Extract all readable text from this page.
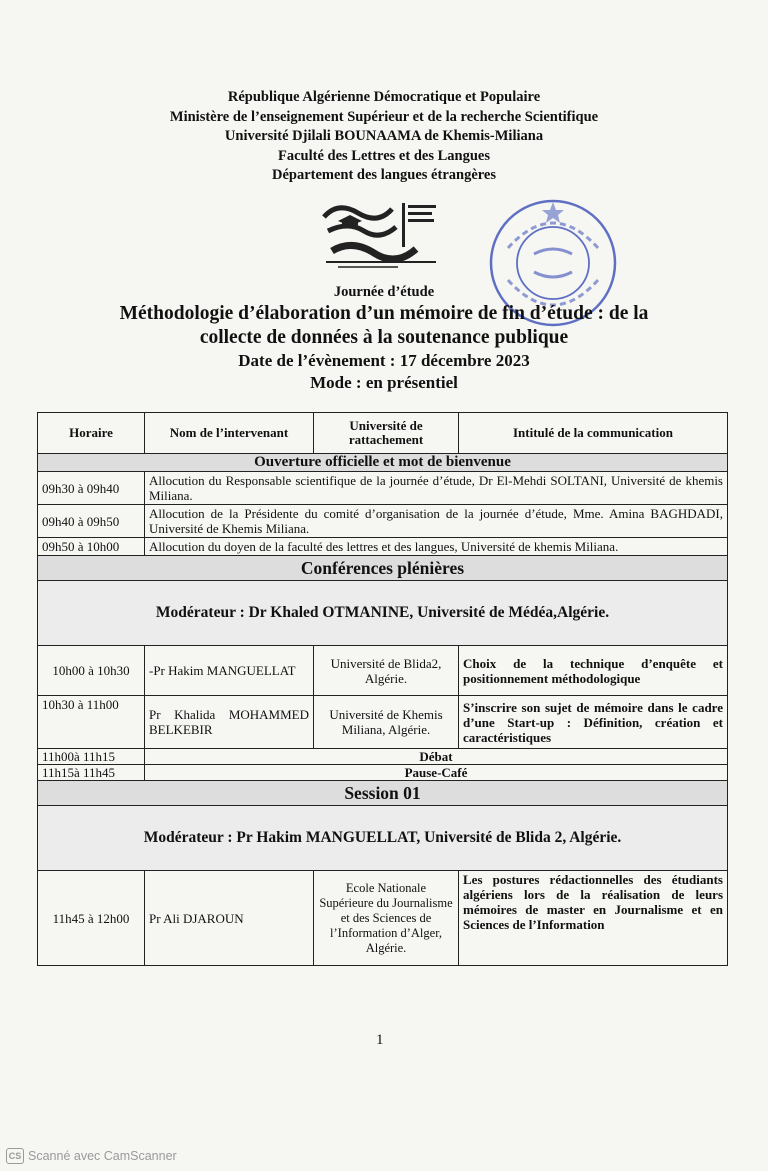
République Algérienne Démocratique et Populaire
Ministère de l’enseignement Supérieur et de la recherche Scientifique
Université Djilali BOUNAAMA de Khemis-Miliana
Faculté des Lettres et des Langues
Département des langues étrangères
Journée d’étude
Méthodologie d’élaboration d’un mémoire de fin d’étude : de la
collecte de données à la soutenance publique
Date de l’évènement : 17 décembre 2023
Mode : en présentiel
Horaire	Nom de l’intervenant	Université de rattachement	Intitulé de la communication
Ouverture officielle et mot de bienvenue			
09h30 à 09h40	Allocution du Responsable scientifique de la journée d’étude, Dr El-Mehdi SOLTANI, Université de khemis Miliana.		
09h40 à 09h50	Allocution de la Présidente du comité d’organisation de la journée d’étude, Mme. Amina BAGHDADI, Université de Khemis Miliana.		
09h50 à 10h00	Allocution du doyen de la faculté des lettres et des langues, Université de khemis Miliana.		
Conférences plénières			
Modérateur : Dr Khaled OTMANINE, Université de Médéa,Algérie.			
10h00 à 10h30	-Pr Hakim MANGUELLAT	Université de Blida2, Algérie.	Choix de la technique d’enquête et positionnement méthodologique
10h30 à 11h00	Pr Khalida MOHAMMED BELKEBIR	Université de Khemis Miliana, Algérie.	S’inscrire son sujet de mémoire dans le cadre d’une Start-up : Définition, création et caractéristiques
11h00à 11h15	Débat		
11h15à 11h45	Pause-Café		
Session 01			
Modérateur : Pr Hakim MANGUELLAT, Université de Blida 2, Algérie.			
11h45 à 12h00	Pr Ali DJAROUN	Ecole Nationale Supérieure du Journalisme et des Sciences de l’Information d’Alger, Algérie.	Les postures rédactionnelles des étudiants algériens lors de la réalisation de leurs mémoires de master en Journalisme et en Sciences de l’Information
1
CS Scanné avec CamScanner
